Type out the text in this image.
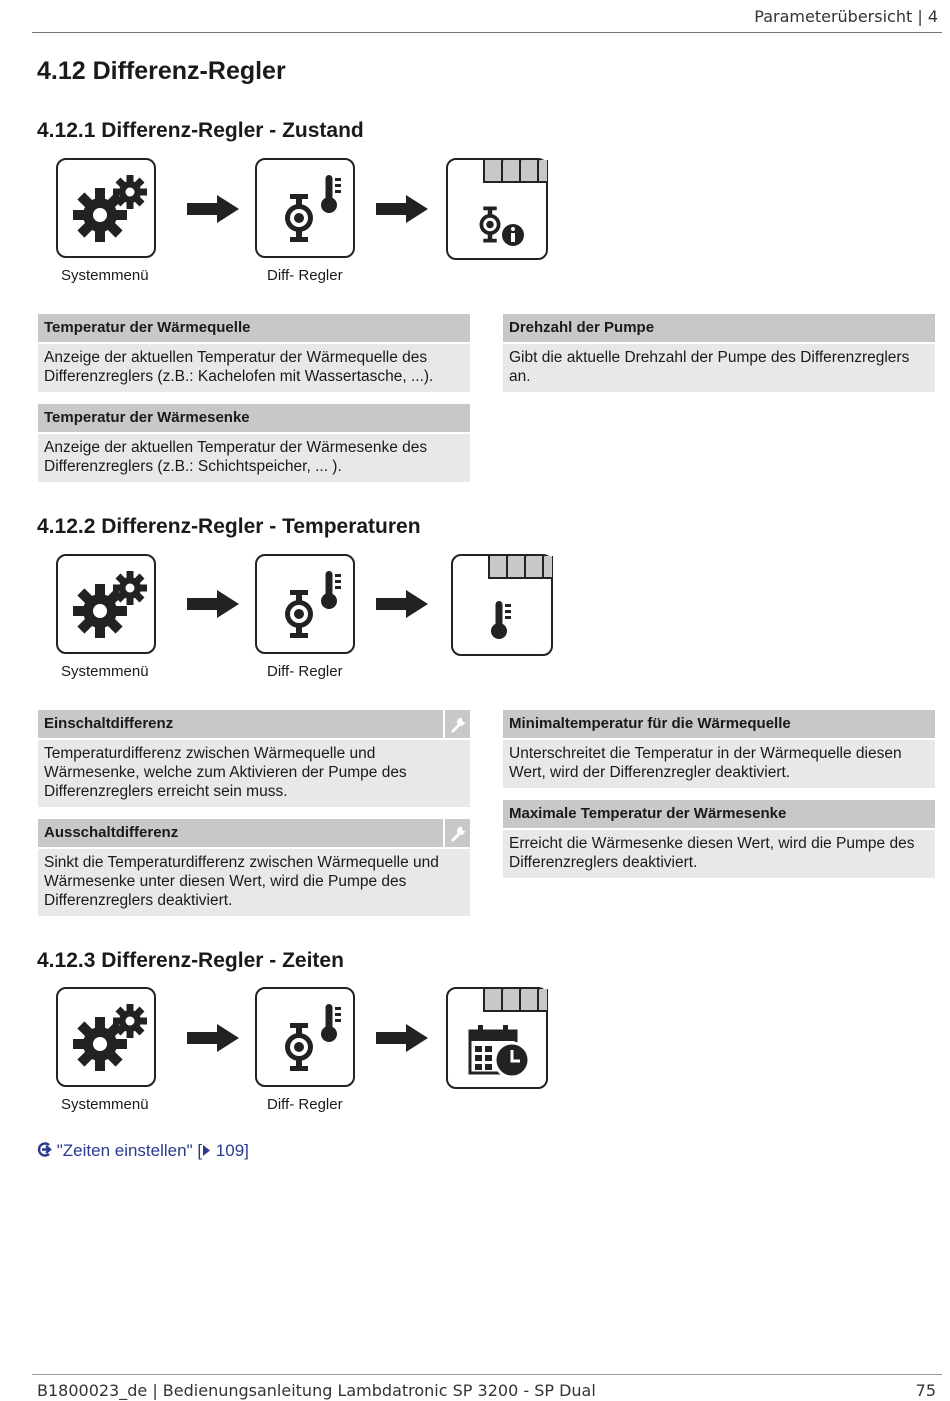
Parameterübersicht | 4
4.12 Differenz-Regler
4.12.1 Differenz-Regler - Zustand
Systemmenü	Diff- Regler
Temperatur der Wärmequelle
Anzeige der aktuellen Temperatur der Wärmequelle des Differenzreglers (z.B.: Kachelofen mit Wassertasche, ...).
Temperatur der Wärmesenke
Anzeige der aktuellen Temperatur der Wärmesenke des Differenzreglers (z.B.: Schichtspeicher, ... ).
Drehzahl der Pumpe
Gibt die aktuelle Drehzahl der Pumpe des Differenzreglers an.
4.12.2 Differenz-Regler - Temperaturen
Systemmenü	Diff- Regler
Einschaltdifferenz
Temperaturdifferenz zwischen Wärmequelle und Wärmesenke, welche zum Aktivieren der Pumpe des Differenzreglers erreicht sein muss.
Ausschaltdifferenz
Sinkt die Temperaturdifferenz zwischen Wärmequelle und Wärmesenke unter diesen Wert, wird die Pumpe des Differenzreglers deaktiviert.
Minimaltemperatur für die Wärmequelle
Unterschreitet die Temperatur in der Wärmequelle diesen Wert, wird der Differenzregler deaktiviert.
Maximale Temperatur der Wärmesenke
Erreicht die Wärmesenke diesen Wert, wird die Pumpe des Differenzreglers deaktiviert.
4.12.3 Differenz-Regler - Zeiten
Systemmenü	Diff- Regler
"Zeiten einstellen" [ 109]
B1800023_de | Bedienungsanleitung Lambdatronic SP 3200 - SP Dual	75
